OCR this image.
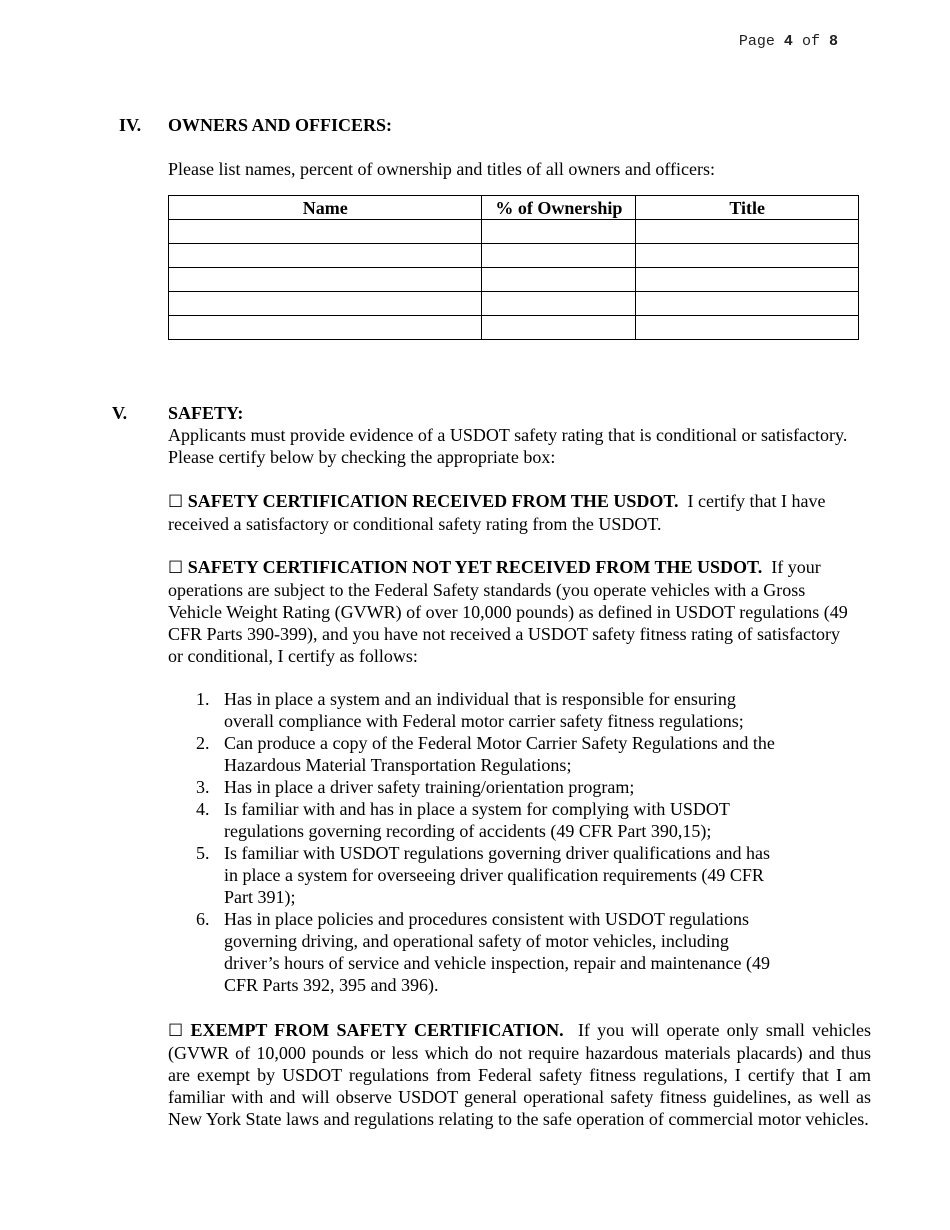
Page 4 of 8
IV. OWNERS AND OFFICERS:
Please list names, percent of ownership and titles of all owners and officers:
Name	% of Ownership	Title

V. SAFETY:
Applicants must provide evidence of a USDOT safety rating that is conditional or satisfactory.
Please certify below by checking the appropriate box:
☐ SAFETY CERTIFICATION RECEIVED FROM THE USDOT. I certify that I have received a satisfactory or conditional safety rating from the USDOT.
☐ SAFETY CERTIFICATION NOT YET RECEIVED FROM THE USDOT. If your operations are subject to the Federal Safety standards (you operate vehicles with a Gross Vehicle Weight Rating (GVWR) of over 10,000 pounds) as defined in USDOT regulations (49 CFR Parts 390-399), and you have not received a USDOT safety fitness rating of satisfactory or conditional, I certify as follows:
1. Has in place a system and an individual that is responsible for ensuring overall compliance with Federal motor carrier safety fitness regulations;
2. Can produce a copy of the Federal Motor Carrier Safety Regulations and the Hazardous Material Transportation Regulations;
3. Has in place a driver safety training/orientation program;
4. Is familiar with and has in place a system for complying with USDOT regulations governing recording of accidents (49 CFR Part 390,15);
5. Is familiar with USDOT regulations governing driver qualifications and has in place a system for overseeing driver qualification requirements (49 CFR Part 391);
6. Has in place policies and procedures consistent with USDOT regulations governing driving, and operational safety of motor vehicles, including driver’s hours of service and vehicle inspection, repair and maintenance (49 CFR Parts 392, 395 and 396).
☐ EXEMPT FROM SAFETY CERTIFICATION. If you will operate only small vehicles (GVWR of 10,000 pounds or less which do not require hazardous materials placards) and thus are exempt by USDOT regulations from Federal safety fitness regulations, I certify that I am familiar with and will observe USDOT general operational safety fitness guidelines, as well as New York State laws and regulations relating to the safe operation of commercial motor vehicles.
